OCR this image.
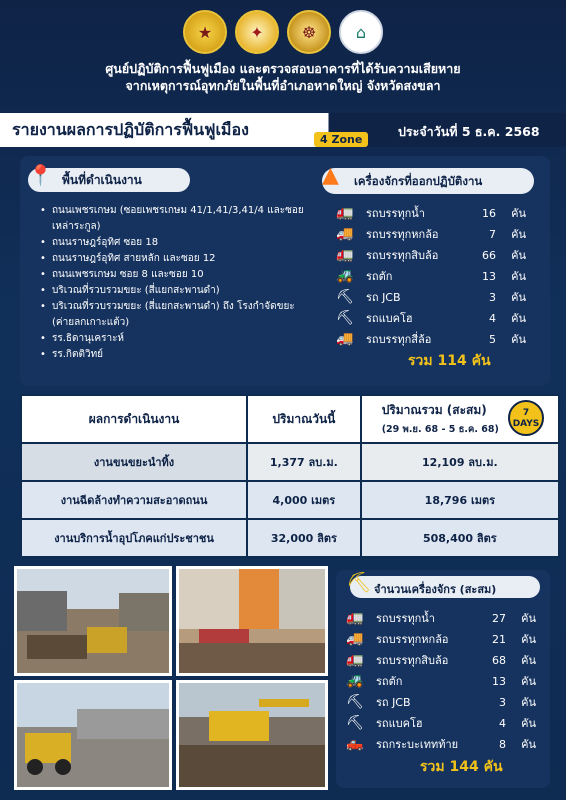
★	✦	☸	⌂
ศูนย์ปฏิบัติการฟื้นฟูเมือง และตรวจสอบอาคารที่ได้รับความเสียหาย
จากเหตุการณ์อุทกภัยในพื้นที่อำเภอหาดใหญ่ จังหวัดสงขลา
รายงานผลการปฏิบัติการฟื้นฟูเมือง
4 Zone
ประจำวันที่ 5 ธ.ค. 2568
📍 พื้นที่ดำเนินงาน
• ถนนเพชรเกษม (ซอยเพชรเกษม 41/1,41/3,41/4 และซอยเหล่าระกูล)
• ถนนราษฎร์อุทิศ ซอย 18
• ถนนราษฎร์อุทิศ สายหลัก และซอย 12
• ถนนเพชรเกษม ซอย 8 และซอย 10
• บริเวณที่รวบรวมขยะ (สี่แยกสะพานดำ)
• บริเวณที่รวบรวมขยะ (สี่แยกสะพานดำ) ถึง โรงกำจัดขยะ (ค่ายลกเกาะแต้ว)
• รร.ธิดานุเคราะห์
• รร.กิตติวิทย์
▲ เครื่องจักรที่ออกปฏิบัติงาน
🚛	รถบรรทุกน้ำ	16	คัน
🚚	รถบรรทุกหกล้อ	7	คัน
🚛	รถบรรทุกสิบล้อ	66	คัน
🚜	รถตัก	13	คัน
⛏	รถ JCB	3	คัน
⛏	รถแบคโฮ	4	คัน
🚚	รถบรรทุกสี่ล้อ	5	คัน
รวม 114 คัน
ผลการดำเนินงาน	ปริมาณวันนี้	ปริมาณรวม (สะสม)
(29 พ.ย. 68 - 5 ธ.ค. 68)

งานขนขยะนำทิ้ง	1,377 ลบ.ม.	12,109 ลบ.ม.
งานฉีดล้างทำความสะอาดถนน	4,000 เมตร	18,796 เมตร
งานบริการน้ำอุปโภคแก่ประชาชน	32,000 ลิตร	508,400 ลิตร
7
DAYS
⛏ จำนวนเครื่องจักร (สะสม)
🚛	รถบรรทุกน้ำ	27	คัน
🚚	รถบรรทุกหกล้อ	21	คัน
🚛	รถบรรทุกสิบล้อ	68	คัน
🚜	รถตัก	13	คัน
⛏	รถ JCB	3	คัน
⛏	รถแบคโฮ	4	คัน
🛻	รถกระบะเททท้าย	8	คัน
รวม 144 คัน
